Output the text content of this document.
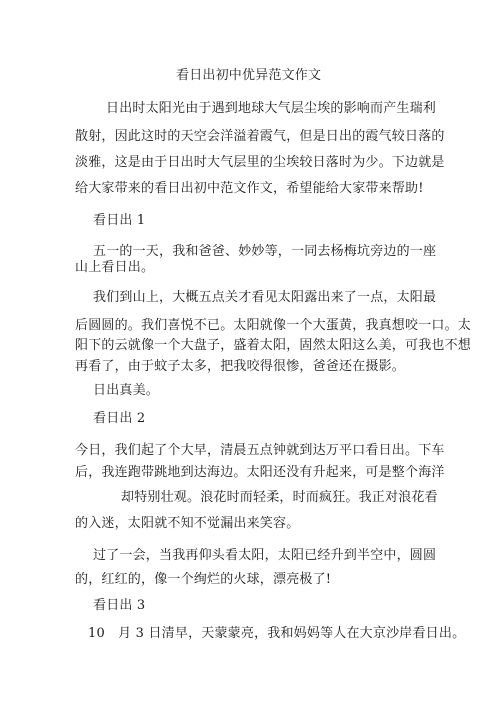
看日出初中优异范文作文
日出时太阳光由于遇到地球大气层尘埃的影响而产生瑞利
散射，因此这时的天空会洋溢着霞气，但是日出的霞气较日落的
淡雅，这是由于日出时大气层里的尘埃较日落时为少。下边就是
给大家带来的看日出初中范文作文，希望能给大家带来帮助!
看日出 1
五一的一天，我和爸爸、妙妙等，一同去杨梅坑旁边的一座
山上看日出。
我们到山上，大概五点关才看见太阳露出来了一点，太阳最
后圆圆的。我们喜悦不已。太阳就像一个大蛋黄，我真想咬一口。太
阳下的云就像一个大盘子，盛着太阳，固然太阳这么美，可我也不想
再看了，由于蚊子太多，把我咬得很惨，爸爸还在摄影。
日出真美。
看日出 2
今日，我们起了个大早，清晨五点钟就到达万平口看日出。下车
后，我连跑带跳地到达海边。太阳还没有升起来，可是整个海洋
却特别壮观。浪花时而轻柔，时而疯狂。我正对浪花看
的入迷，太阳就不知不觉漏出来笑容。
过了一会，当我再仰头看太阳，太阳已经升到半空中，圆圆
的，红红的，像一个绚烂的火球，漂亮极了!
看日出 3
10　月 3 日清早，天蒙蒙亮，我和妈妈等人在大京沙岸看日出。
